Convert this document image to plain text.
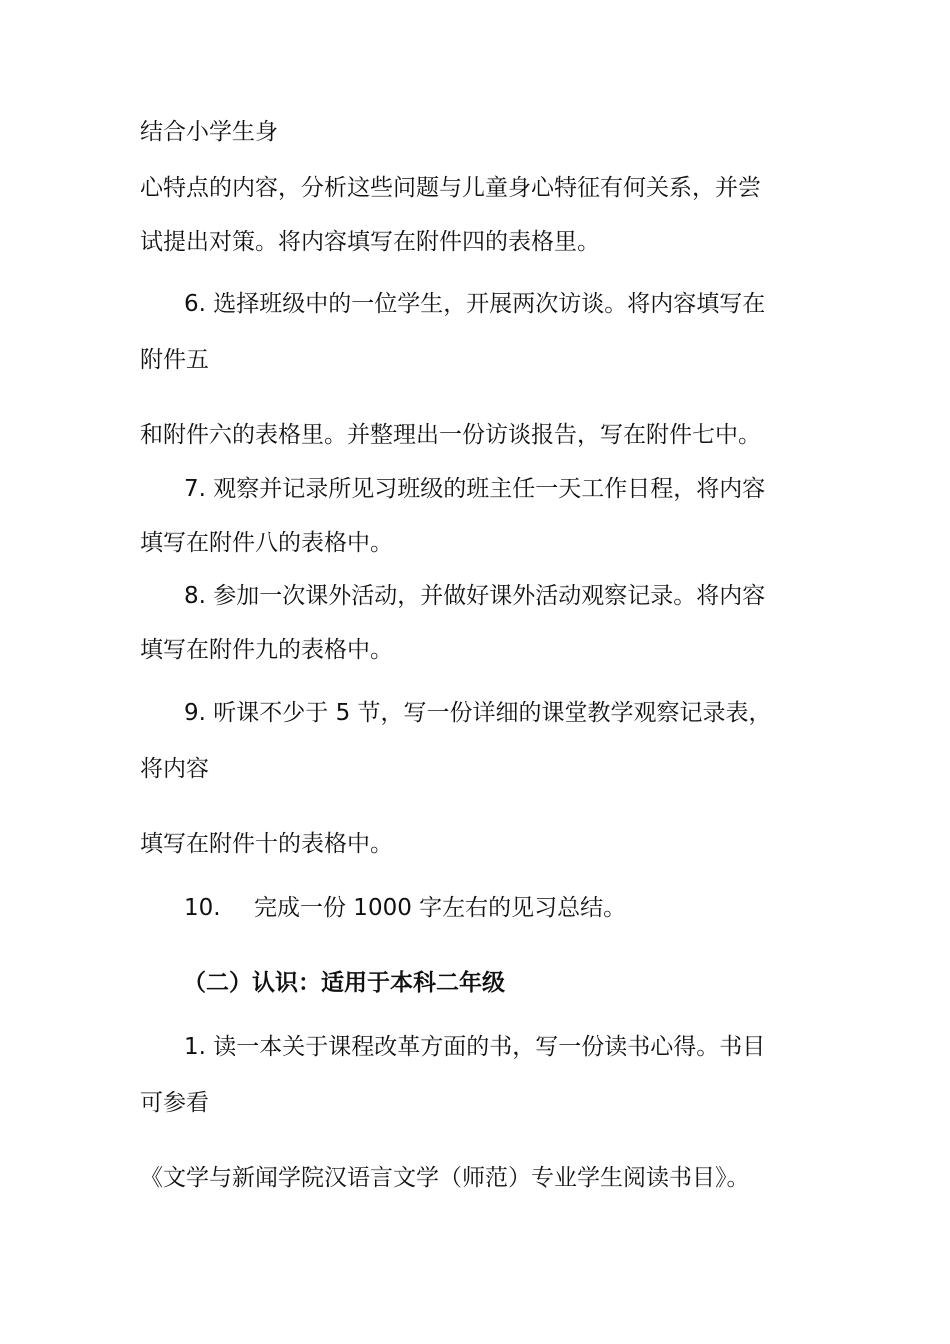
结合小学生身
心特点的内容，分析这些问题与儿童身心特征有何关系，并尝
试提出对策。将内容填写在附件四的表格里。
6. 选择班级中的一位学生，开展两次访谈。将内容填写在
附件五
和附件六的表格里。并整理出一份访谈报告，写在附件七中。
7. 观察并记录所见习班级的班主任一天工作日程，将内容
填写在附件八的表格中。
8. 参加一次课外活动，并做好课外活动观察记录。将内容
填写在附件九的表格中。
9. 听课不少于 5 节，写一份详细的课堂教学观察记录表，
将内容
填写在附件十的表格中。
10. 完成一份 1000 字左右的见习总结。
（二）认识：适用于本科二年级
1. 读一本关于课程改革方面的书，写一份读书心得。书目
可参看
《文学与新闻学院汉语言文学（师范）专业学生阅读书目》。
